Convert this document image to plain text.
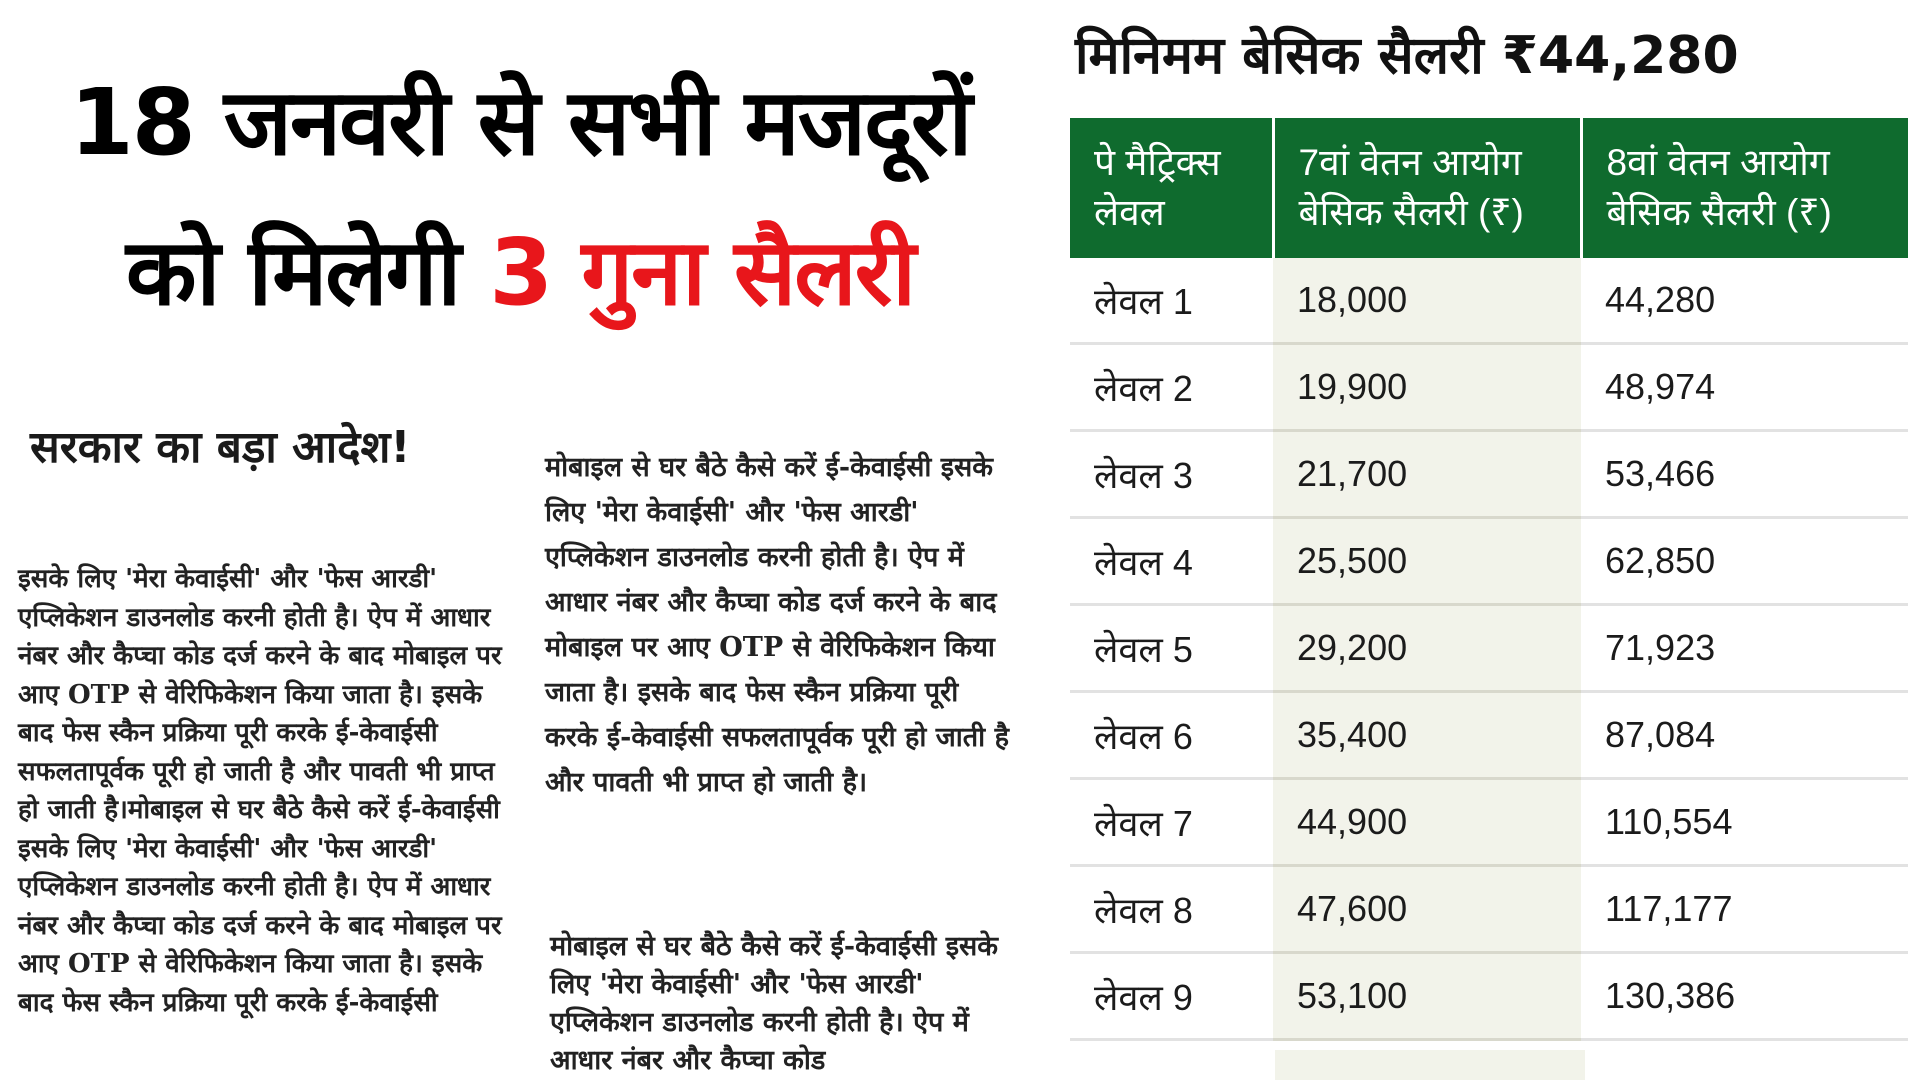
18 जनवरी से सभी मजदूरों
को मिलेगी 3 गुना सैलरी
सरकार का बड़ा आदेश!

इसके लिए 'मेरा केवाईसी' और 'फेस आरडी' एप्लिकेशन डाउनलोड करनी होती है। ऐप में आधार नंबर और कैप्चा कोड दर्ज करने के बाद मोबाइल पर आए OTP से वेरिफिकेशन किया जाता है। इसके बाद फेस स्कैन प्रक्रिया पूरी करके ई-केवाईसी सफलतापूर्वक पूरी हो जाती है और पावती भी प्राप्त हो जाती है।मोबाइल से घर बैठे कैसे करें ई-केवाईसी इसके लिए 'मेरा केवाईसी' और 'फेस आरडी' एप्लिकेशन डाउनलोड करनी होती है। ऐप में आधार नंबर और कैप्चा कोड दर्ज करने के बाद मोबाइल पर आए OTP से वेरिफिकेशन किया जाता है। इसके बाद फेस स्कैन प्रक्रिया पूरी करके ई-केवाईसी

मोबाइल से घर बैठे कैसे करें ई-केवाईसी इसके लिए 'मेरा केवाईसी' और 'फेस आरडी' एप्लिकेशन डाउनलोड करनी होती है। ऐप में आधार नंबर और कैप्चा कोड दर्ज करने के बाद मोबाइल पर आए OTP से वेरिफिकेशन किया जाता है। इसके बाद फेस स्कैन प्रक्रिया पूरी करके ई-केवाईसी सफलतापूर्वक पूरी हो जाती है और पावती भी प्राप्त हो जाती है।

मोबाइल से घर बैठे कैसे करें ई-केवाईसी इसके लिए 'मेरा केवाईसी' और 'फेस आरडी' एप्लिकेशन डाउनलोड करनी होती है। ऐप में आधार नंबर और कैप्चा कोड

मिनिमम बेसिक सैलरी ₹44,280
पे मैट्रिक्स लेवल	7वां वेतन आयोग बेसिक सैलरी (₹)	8वां वेतन आयोग बेसिक सैलरी (₹)
लेवल 1	18,000	44,280
लेवल 2	19,900	48,974
लेवल 3	21,700	53,466
लेवल 4	25,500	62,850
लेवल 5	29,200	71,923
लेवल 6	35,400	87,084
लेवल 7	44,900	110,554
लेवल 8	47,600	117,177
लेवल 9	53,100	130,386
